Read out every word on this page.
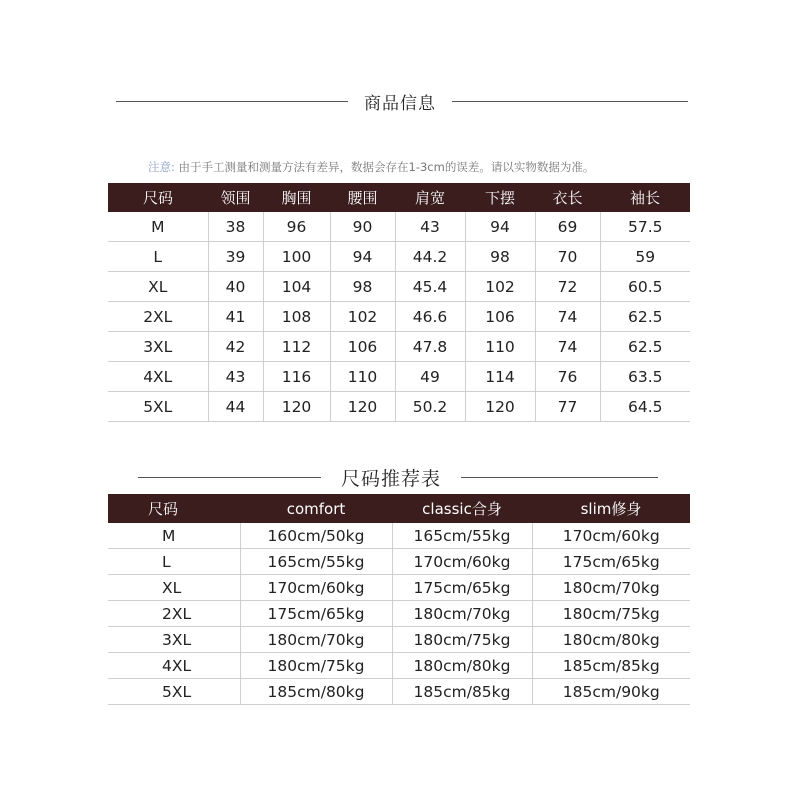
商品信息
注意: 由于手工测量和测量方法有差异，数据会存在1-3cm的误差。请以实物数据为准。
尺码	领围	胸围	腰围	肩宽	下摆	衣长	袖长
M	38	96	90	43	94	69	57.5
L	39	100	94	44.2	98	70	59
XL	40	104	98	45.4	102	72	60.5
2XL	41	108	102	46.6	106	74	62.5
3XL	42	112	106	47.8	110	74	62.5
4XL	43	116	110	49	114	76	63.5
5XL	44	120	120	50.2	120	77	64.5
尺码推荐表
尺码	comfort	classic合身	slim修身
M	160cm/50kg	165cm/55kg	170cm/60kg
L	165cm/55kg	170cm/60kg	175cm/65kg
XL	170cm/60kg	175cm/65kg	180cm/70kg
2XL	175cm/65kg	180cm/70kg	180cm/75kg
3XL	180cm/70kg	180cm/75kg	180cm/80kg
4XL	180cm/75kg	180cm/80kg	185cm/85kg
5XL	185cm/80kg	185cm/85kg	185cm/90kg
